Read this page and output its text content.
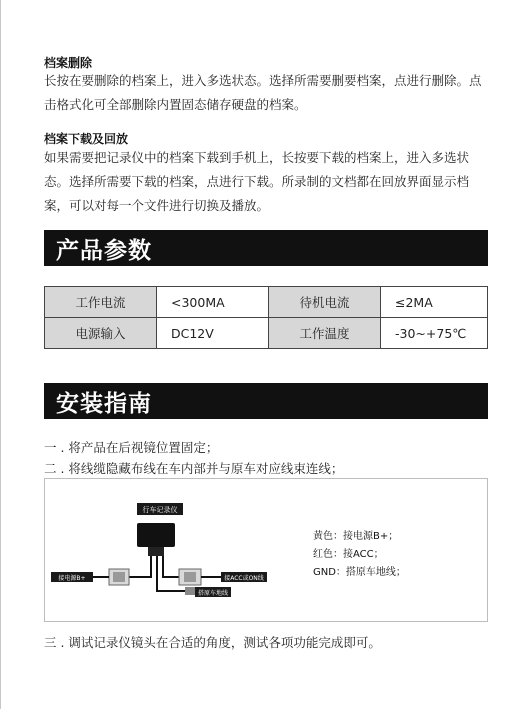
档案删除
长按在要删除的档案上，进入多选状态。选择所需要删要档案，点进行删除。点
击格式化可全部删除内置固态储存硬盘的档案。
档案下载及回放
如果需要把记录仪中的档案下载到手机上，长按要下载的档案上，进入多选状
态。选择所需要下载的档案，点进行下载。所录制的文档都在回放界面显示档
案，可以对每一个文件进行切换及播放。
产品参数
工作电流	<300MA	待机电流	≤2MA
电源输入	DC12V	工作温度	-30~+75℃
安装指南
一 . 将产品在后视镜位置固定；
二 . 将线缆隐藏布线在车内部并与原车对应线束连线；
行车记录仪
接电源B+	接ACC或ON线
搭原车地线
黄色：接电源B+；
红色：接ACC；
GND：搭原车地线；
三 . 调试记录仪镜头在合适的角度，测试各项功能完成即可。
